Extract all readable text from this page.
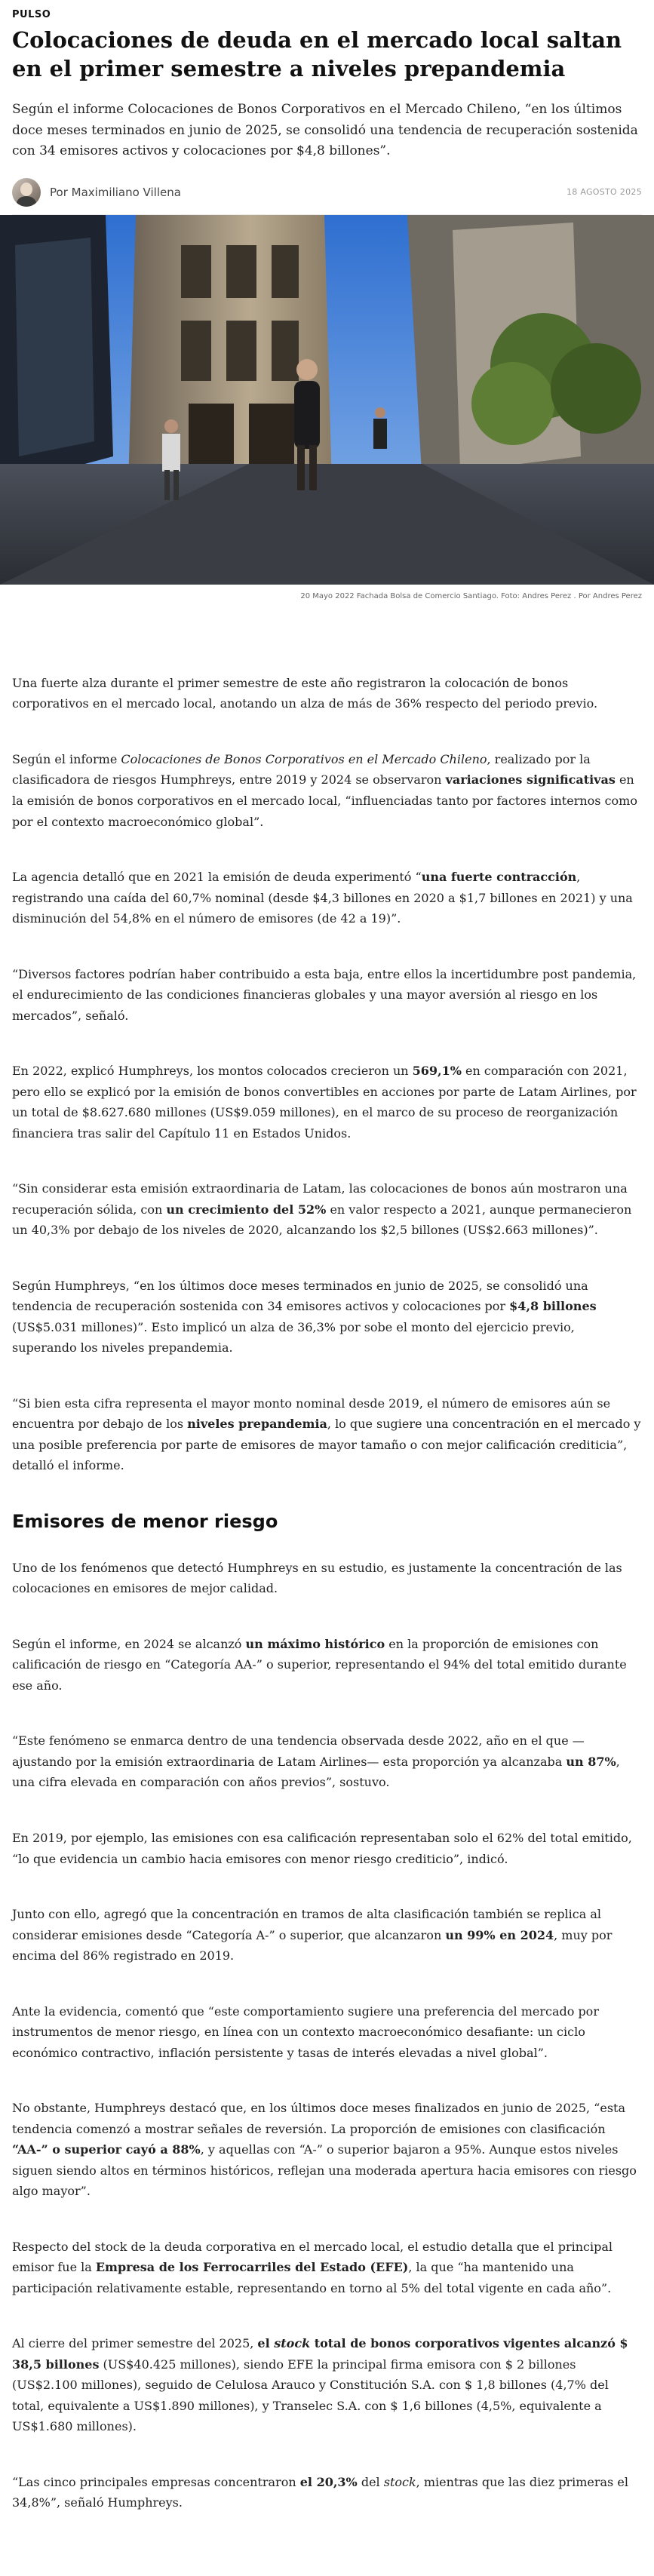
PULSO
Colocaciones de deuda en el mercado local saltan en el primer semestre a niveles prepandemia

Según el informe Colocaciones de Bonos Corporativos en el Mercado Chileno, “en los últimos doce meses terminados en junio de 2025, se consolidó una tendencia de recuperación sostenida con 34 emisores activos y colocaciones por $4,8 billones”.

Por Maximiliano Villena	18 AGOSTO 2025
20 Mayo 2022 Fachada Bolsa de Comercio Santiago. Foto: Andres Perez . Por Andres Perez

Una fuerte alza durante el primer semestre de este año registraron la colocación de bonos corporativos en el mercado local, anotando un alza de más de 36% respecto del periodo previo.

Según el informe Colocaciones de Bonos Corporativos en el Mercado Chileno, realizado por la clasificadora de riesgos Humphreys, entre 2019 y 2024 se observaron variaciones significativas en la emisión de bonos corporativos en el mercado local, “influenciadas tanto por factores internos como por el contexto macroeconómico global”.

La agencia detalló que en 2021 la emisión de deuda experimentó “una fuerte contracción, registrando una caída del 60,7% nominal (desde $4,3 billones en 2020 a $1,7 billones en 2021) y una disminución del 54,8% en el número de emisores (de 42 a 19)”.

“Diversos factores podrían haber contribuido a esta baja, entre ellos la incertidumbre post pandemia, el endurecimiento de las condiciones financieras globales y una mayor aversión al riesgo en los mercados”, señaló.

En 2022, explicó Humphreys, los montos colocados crecieron un 569,1% en comparación con 2021, pero ello se explicó por la emisión de bonos convertibles en acciones por parte de Latam Airlines, por un total de $8.627.680 millones (US$9.059 millones), en el marco de su proceso de reorganización financiera tras salir del Capítulo 11 en Estados Unidos.

“Sin considerar esta emisión extraordinaria de Latam, las colocaciones de bonos aún mostraron una recuperación sólida, con un crecimiento del 52% en valor respecto a 2021, aunque permanecieron un 40,3% por debajo de los niveles de 2020, alcanzando los $2,5 billones (US$2.663 millones)”.

Según Humphreys, “en los últimos doce meses terminados en junio de 2025, se consolidó una tendencia de recuperación sostenida con 34 emisores activos y colocaciones por $4,8 billones (US$5.031 millones)”. Esto implicó un alza de 36,3% por sobe el monto del ejercicio previo, superando los niveles prepandemia.

“Si bien esta cifra representa el mayor monto nominal desde 2019, el número de emisores aún se encuentra por debajo de los niveles prepandemia, lo que sugiere una concentración en el mercado y una posible preferencia por parte de emisores de mayor tamaño o con mejor calificación crediticia”, detalló el informe.

Emisores de menor riesgo

Uno de los fenómenos que detectó Humphreys en su estudio, es justamente la concentración de las colocaciones en emisores de mejor calidad.

Según el informe, en 2024 se alcanzó un máximo histórico en la proporción de emisiones con calificación de riesgo en “Categoría AA-” o superior, representando el 94% del total emitido durante ese año.

“Este fenómeno se enmarca dentro de una tendencia observada desde 2022, año en el que — ajustando por la emisión extraordinaria de Latam Airlines— esta proporción ya alcanzaba un 87%, una cifra elevada en comparación con años previos”, sostuvo.

En 2019, por ejemplo, las emisiones con esa calificación representaban solo el 62% del total emitido, “lo que evidencia un cambio hacia emisores con menor riesgo crediticio”, indicó.

Junto con ello, agregó que la concentración en tramos de alta clasificación también se replica al considerar emisiones desde “Categoría A-” o superior, que alcanzaron un 99% en 2024, muy por encima del 86% registrado en 2019.

Ante la evidencia, comentó que “este comportamiento sugiere una preferencia del mercado por instrumentos de menor riesgo, en línea con un contexto macroeconómico desafiante: un ciclo económico contractivo, inflación persistente y tasas de interés elevadas a nivel global”.

No obstante, Humphreys destacó que, en los últimos doce meses finalizados en junio de 2025, “esta tendencia comenzó a mostrar señales de reversión. La proporción de emisiones con clasificación “AA-” o superior cayó a 88%, y aquellas con “A-” o superior bajaron a 95%. Aunque estos niveles siguen siendo altos en términos históricos, reflejan una moderada apertura hacia emisores con riesgo algo mayor”.

Respecto del stock de la deuda corporativa en el mercado local, el estudio detalla que el principal emisor fue la Empresa de los Ferrocarriles del Estado (EFE), la que “ha mantenido una participación relativamente estable, representando en torno al 5% del total vigente en cada año”.

Al cierre del primer semestre del 2025, el stock total de bonos corporativos vigentes alcanzó $ 38,5 billones (US$40.425 millones), siendo EFE la principal firma emisora con $ 2 billones (US$2.100 millones), seguido de Celulosa Arauco y Constitución S.A. con $ 1,8 billones (4,7% del total, equivalente a US$1.890 millones), y Transelec S.A. con $ 1,6 billones (4,5%, equivalente a US$1.680 millones).

“Las cinco principales empresas concentraron el 20,3% del stock, mientras que las diez primeras el 34,8%”, señaló Humphreys.
